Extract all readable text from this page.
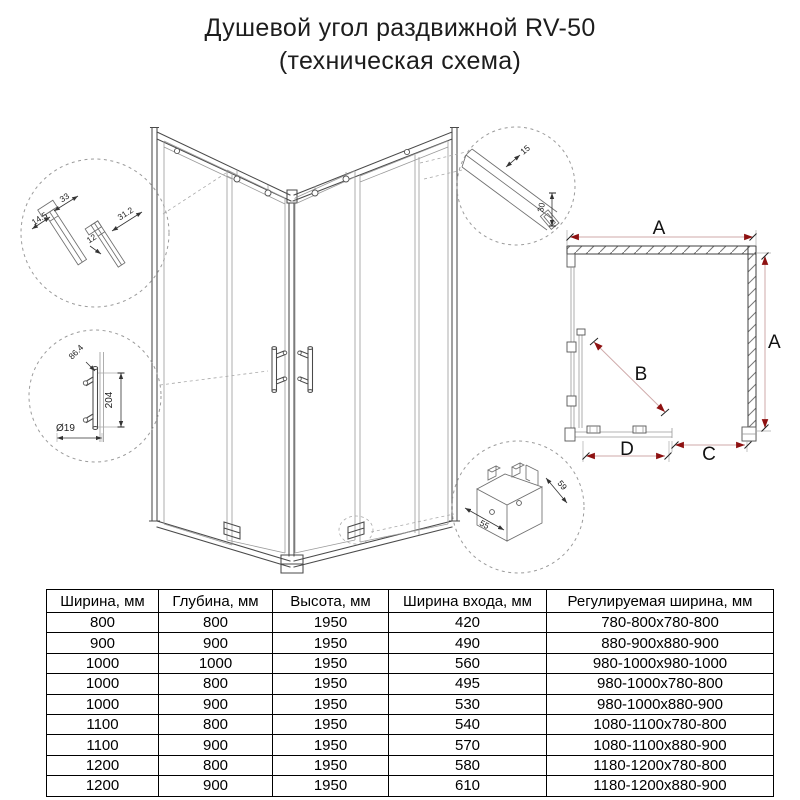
Душевой угол раздвижной RV-50
(техническая схема)
14.5
33
12
31.2
204
86.4
Ø19
15
30
55
59
A
A
B
D	C
Ширина, мм	Глубина, мм	Высота, мм	Ширина входа, мм	Регулируемая ширина, мм
800	800	1950	420	780-800x780-800
900	900	1950	490	880-900x880-900
1000	1000	1950	560	980-1000x980-1000
1000	800	1950	495	980-1000x780-800
1000	900	1950	530	980-1000x880-900
1100	800	1950	540	1080-1100x780-800
1100	900	1950	570	1080-1100x880-900
1200	800	1950	580	1180-1200x780-800
1200	900	1950	610	1180-1200x880-900
